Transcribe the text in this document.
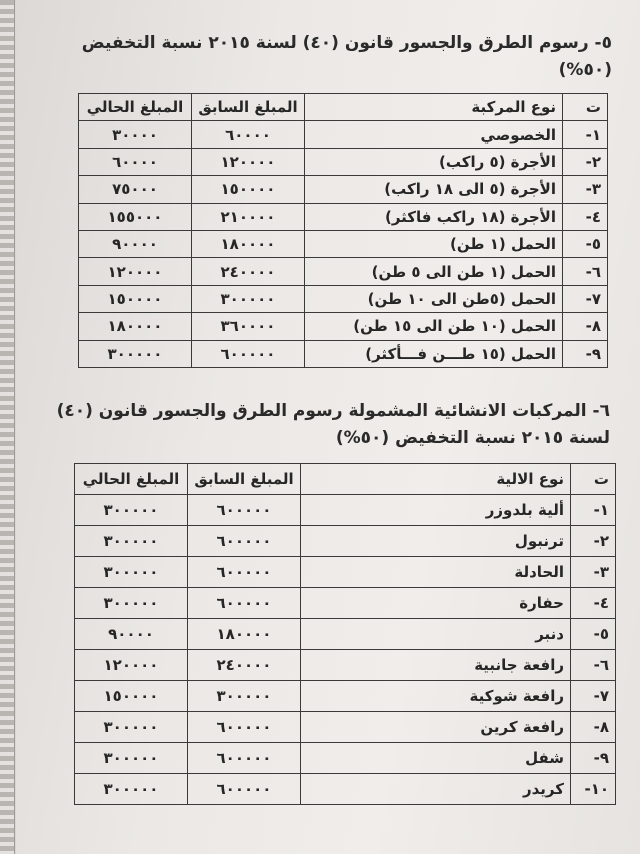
٥- رسوم الطرق والجسور قانون (٤٠) لسنة ٢٠١٥ نسبة التخفيض (٥٠%)
ت	نوع المركبة	المبلغ السابق	المبلغ الحالي
١-	الخصوصي	٦٠٠٠٠	٣٠٠٠٠
٢-	الأجرة (٥ راكب)	١٢٠٠٠٠	٦٠٠٠٠
٣-	الأجرة (٥ الى ١٨ راكب)	١٥٠٠٠٠	٧٥٠٠٠
٤-	الأجرة (١٨ راكب فاكثر)	٢١٠٠٠٠	١٥٥٠٠٠
٥-	الحمل (١ طن)	١٨٠٠٠٠	٩٠٠٠٠
٦-	الحمل (١ طن الى ٥ طن)	٢٤٠٠٠٠	١٢٠٠٠٠
٧-	الحمل (٥طن الى ١٠ طن)	٣٠٠٠٠٠	١٥٠٠٠٠
٨-	الحمل (١٠ طن الى ١٥ طن)	٣٦٠٠٠٠	١٨٠٠٠٠
٩-	الحمل (١٥ طـــن فـــأكثر)	٦٠٠٠٠٠	٣٠٠٠٠٠
٦- المركبات الانشائية المشمولة رسوم الطرق والجسور قانون (٤٠) لسنة ٢٠١٥ نسبة التخفيض (٥٠%)
ت	نوع الالية	المبلغ السابق	المبلغ الحالي
١-	ألية بلدوزر	٦٠٠٠٠٠	٣٠٠٠٠٠
٢-	ترنبول	٦٠٠٠٠٠	٣٠٠٠٠٠
٣-	الحادلة	٦٠٠٠٠٠	٣٠٠٠٠٠
٤-	حفارة	٦٠٠٠٠٠	٣٠٠٠٠٠
٥-	دنبر	١٨٠٠٠٠	٩٠٠٠٠
٦-	رافعة جانبية	٢٤٠٠٠٠	١٢٠٠٠٠
٧-	رافعة شوكية	٣٠٠٠٠٠	١٥٠٠٠٠
٨-	رافعة كرين	٦٠٠٠٠٠	٣٠٠٠٠٠
٩-	شفل	٦٠٠٠٠٠	٣٠٠٠٠٠
١٠-	كريدر	٦٠٠٠٠٠	٣٠٠٠٠٠
